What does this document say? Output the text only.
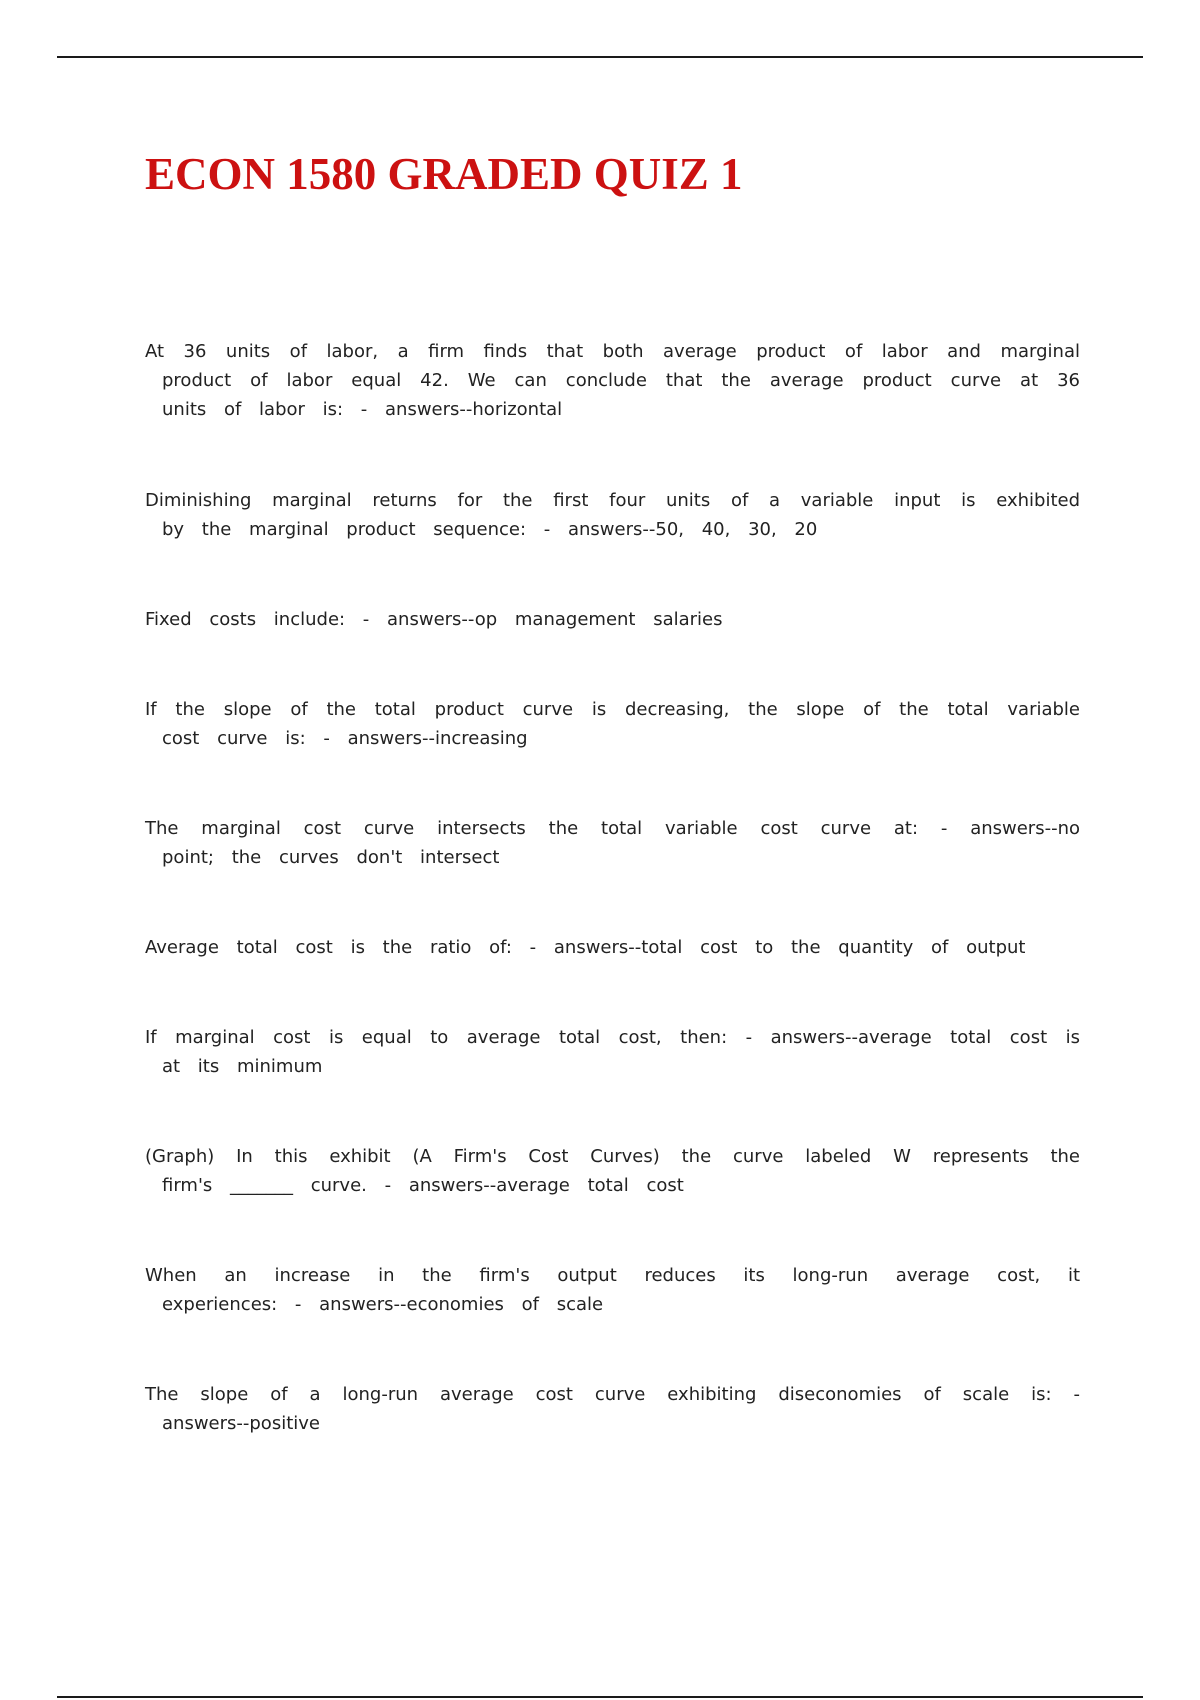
ECON 1580 GRADED QUIZ 1

At 36 units of labor, a firm finds that both average product of labor and marginal product of labor equal 42. We can conclude that the average product curve at 36 units of labor is: - answers--horizontal

Diminishing marginal returns for the first four units of a variable input is exhibited by the marginal product sequence: - answers--50, 40, 30, 20

Fixed costs include: - answers--op management salaries

If the slope of the total product curve is decreasing, the slope of the total variable cost curve is: - answers--increasing

The marginal cost curve intersects the total variable cost curve at: - answers--no point; the curves don't intersect

Average total cost is the ratio of: - answers--total cost to the quantity of output

If marginal cost is equal to average total cost, then: - answers--average total cost is at its minimum

(Graph) In this exhibit (A Firm's Cost Curves) the curve labeled W represents the firm's _______ curve. - answers--average total cost

When an increase in the firm's output reduces its long-run average cost, it experiences: - answers--economies of scale

The slope of a long-run average cost curve exhibiting diseconomies of scale is: - answers--positive
